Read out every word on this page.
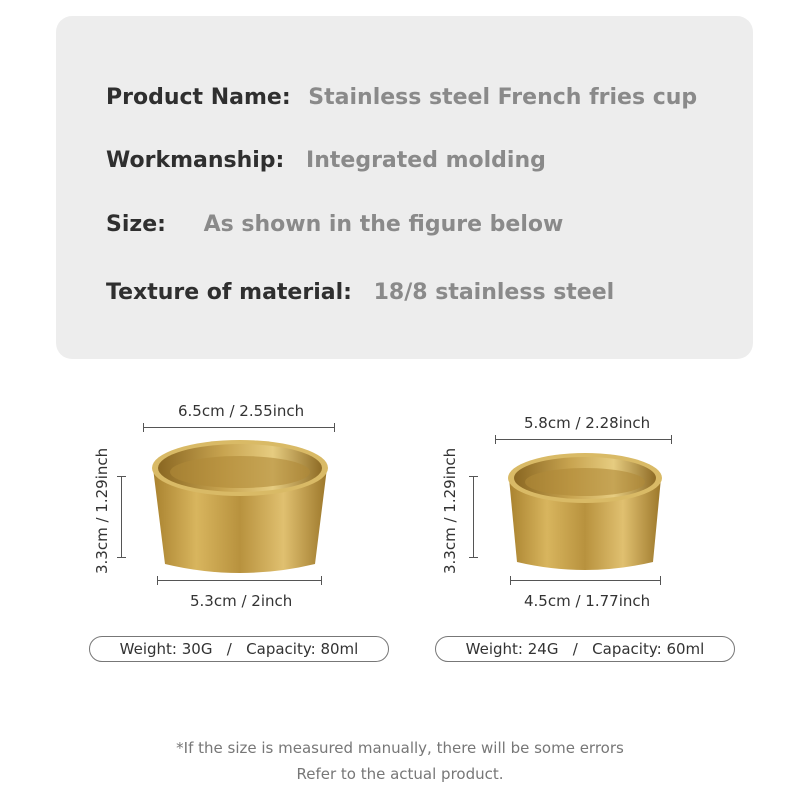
Product Name: Stainless steel French fries cup
Workmanship: Integrated molding
Size: As shown in the figure below
Texture of material: 18/8 stainless steel
6.5cm / 2.55inch
3.3cm / 1.29inch
5.3cm / 2inch
Weight:
30G
/
Capacity:
80ml
5.8cm / 2.28inch
3.3cm / 1.29inch
4.5cm / 1.77inch
Weight:
24G
/
Capacity:
60ml
*If the size is measured manually, there will be some errors
Refer to the actual product.
